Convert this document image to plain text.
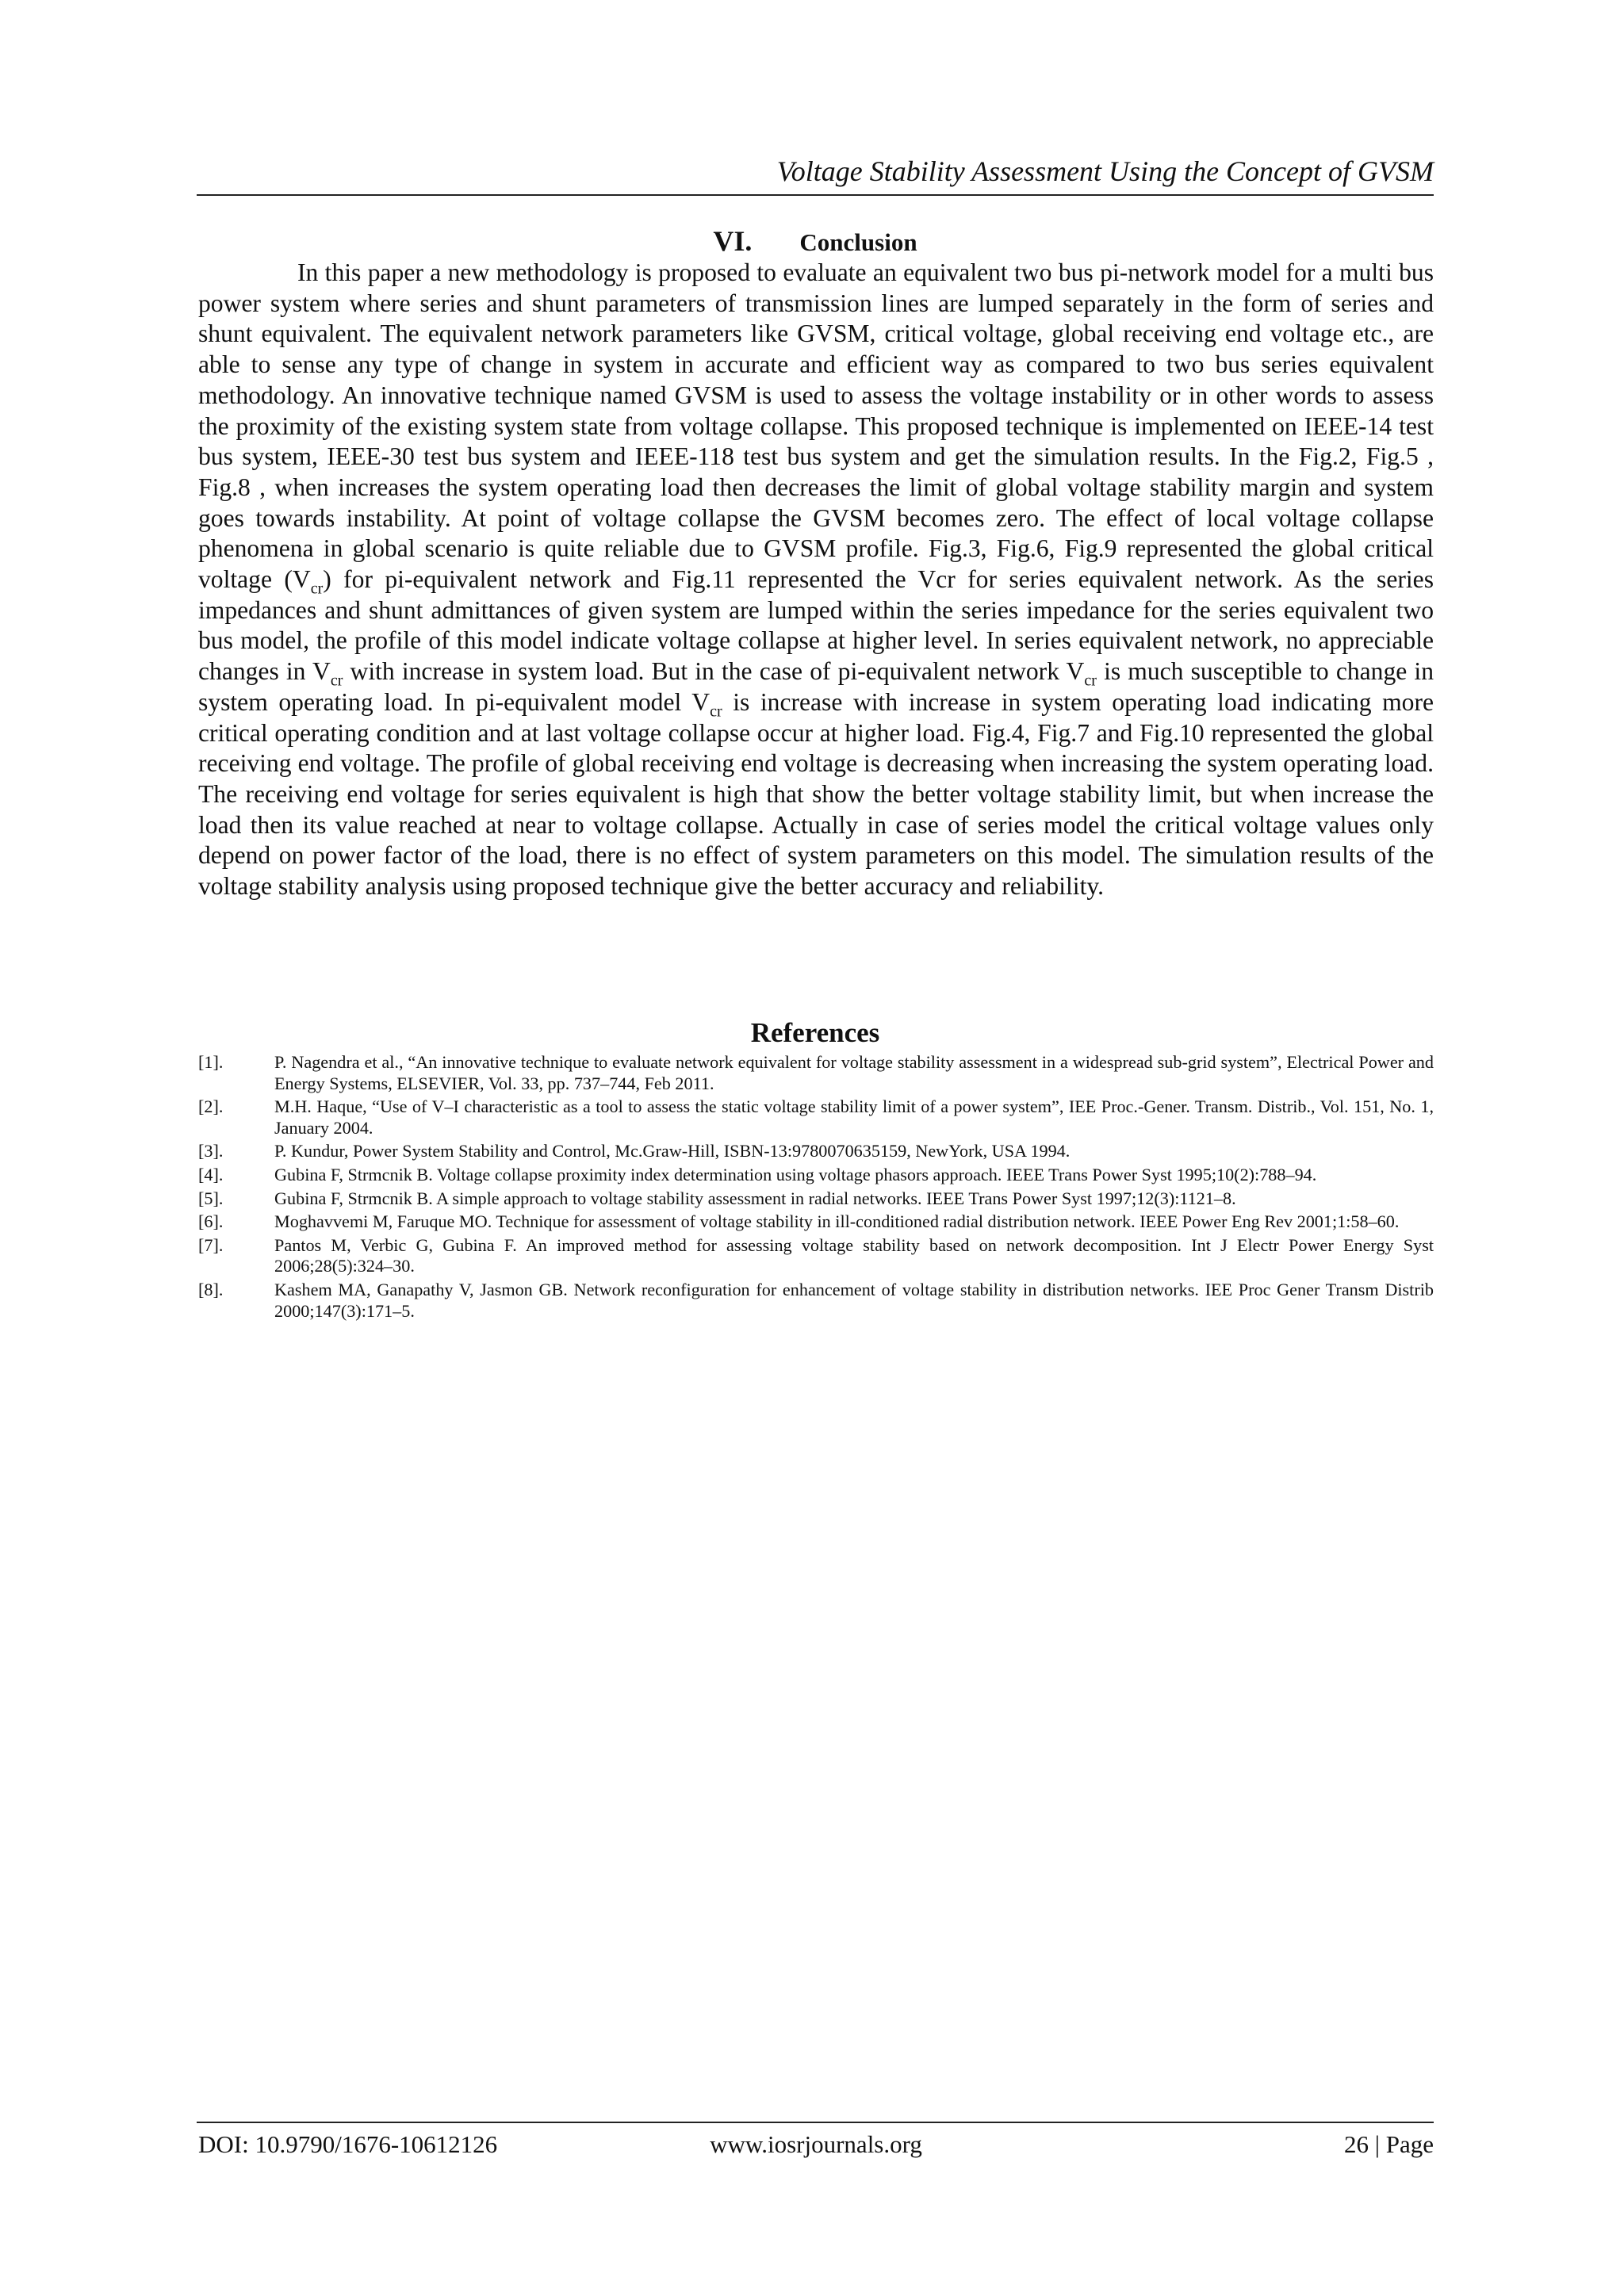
Voltage Stability Assessment Using the Concept of GVSM
VI. Conclusion

In this paper a new methodology is proposed to evaluate an equivalent two bus pi-network model for a multi bus power system where series and shunt parameters of transmission lines are lumped separately in the form of series and shunt equivalent. The equivalent network parameters like GVSM, critical voltage, global receiving end voltage etc., are able to sense any type of change in system in accurate and efficient way as compared to two bus series equivalent methodology. An innovative technique named GVSM is used to assess the voltage instability or in other words to assess the proximity of the existing system state from voltage collapse. This proposed technique is implemented on IEEE-14 test bus system, IEEE-30 test bus system and IEEE-118 test bus system and get the simulation results. In the Fig.2, Fig.5 , Fig.8 , when increases the system operating load then decreases the limit of global voltage stability margin and system goes towards instability. At point of voltage collapse the GVSM becomes zero. The effect of local voltage collapse phenomena in global scenario is quite reliable due to GVSM profile. Fig.3, Fig.6, Fig.9 represented the global critical voltage $(V_{cr})$ for pi-equivalent network and Fig.11 represented the Vcr for series equivalent network. As the series impedances and shunt admittances of given system are lumped within the series impedance for the series equivalent two bus model, the profile of this model indicate voltage collapse at higher level. In series equivalent network, no appreciable changes in $V_{cr}$ with increase in system load. But in the case of pi-equivalent network $V_{cr}$ is much susceptible to change in system operating load. In pi-equivalent model $V_{cr}$ is increase with increase in system operating load indicating more critical operating condition and at last voltage collapse occur at higher load. Fig.4, Fig.7 and Fig.10 represented the global receiving end voltage. The profile of global receiving end voltage is decreasing when increasing the system operating load. The receiving end voltage for series equivalent is high that show the better voltage stability limit, but when increase the load then its value reached at near to voltage collapse. Actually in case of series model the critical voltage values only depend on power factor of the load, there is no effect of system parameters on this model. The simulation results of the voltage stability analysis using proposed technique give the better accuracy and reliability.

References
[1].	P. Nagendra et al., “An innovative technique to evaluate network equivalent for voltage stability assessment in a widespread sub-grid system”, Electrical Power and Energy Systems, ELSEVIER, Vol. 33, pp. 737–744, Feb 2011.
[2].	M.H. Haque, “Use of V–I characteristic as a tool to assess the static voltage stability limit of a power system”, IEE Proc.-Gener. Transm. Distrib., Vol. 151, No. 1, January 2004.
[3].	P. Kundur, Power System Stability and Control, Mc.Graw-Hill, ISBN-13:9780070635159, NewYork, USA 1994.
[4].	Gubina F, Strmcnik B. Voltage collapse proximity index determination using voltage phasors approach. IEEE Trans Power Syst 1995;10(2):788–94.
[5].	Gubina F, Strmcnik B. A simple approach to voltage stability assessment in radial networks. IEEE Trans Power Syst 1997;12(3):1121–8.
[6].	Moghavvemi M, Faruque MO. Technique for assessment of voltage stability in ill-conditioned radial distribution network. IEEE Power Eng Rev 2001;1:58–60.
[7].	Pantos M, Verbic G, Gubina F. An improved method for assessing voltage stability based on network decomposition. Int J Electr Power Energy Syst 2006;28(5):324–30.
[8].	Kashem MA, Ganapathy V, Jasmon GB. Network reconfiguration for enhancement of voltage stability in distribution networks. IEE Proc Gener Transm Distrib 2000;147(3):171–5.
DOI: 10.9790/1676-10612126	www.iosrjournals.org	26 | Page
